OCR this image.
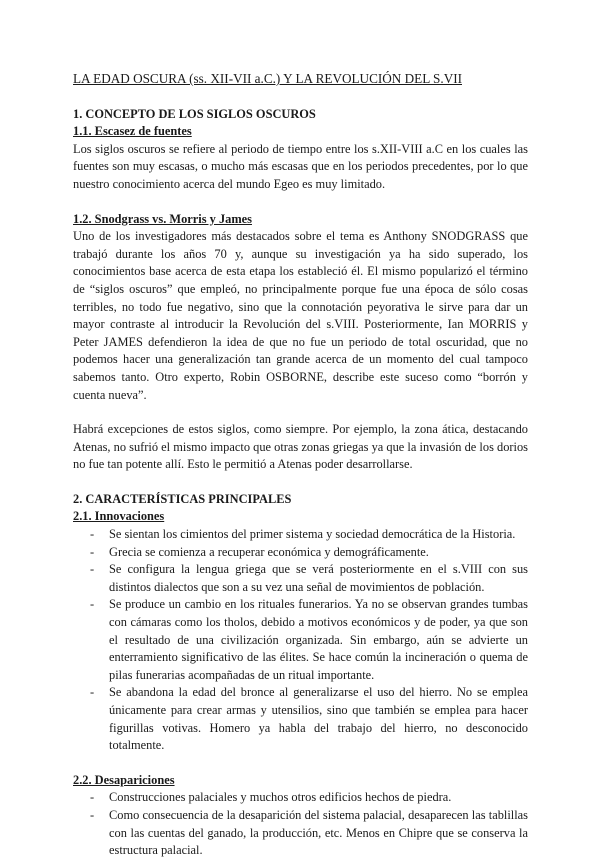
LA EDAD OSCURA (ss. XII-VII a.C.) Y LA REVOLUCIÓN DEL S.VII
1. CONCEPTO DE LOS SIGLOS OSCUROS
1.1. Escasez de fuentes

Los siglos oscuros se refiere al periodo de tiempo entre los s.XII-VIII a.C en los cuales las fuentes son muy escasas, o mucho más escasas que en los periodos precedentes, por lo que nuestro conocimiento acerca del mundo Egeo es muy limitado.

1.2. Snodgrass vs. Morris y James

Uno de los investigadores más destacados sobre el tema es Anthony SNODGRASS que trabajó durante los años 70 y, aunque su investigación ya ha sido superado, los conocimientos base acerca de esta etapa los estableció él. El mismo popularizó el término de “siglos oscuros” que empleó, no principalmente porque fue una época de sólo cosas terribles, no todo fue negativo, sino que la connotación peyorativa le sirve para dar un mayor contraste al introducir la Revolución del s.VIII. Posteriormente, Ian MORRIS y Peter JAMES defendieron la idea de que no fue un periodo de total oscuridad, que no podemos hacer una generalización tan grande acerca de un momento del cual tampoco sabemos tanto. Otro experto, Robin OSBORNE, describe este suceso como “borrón y cuenta nueva”.

Habrá excepciones de estos siglos, como siempre. Por ejemplo, la zona ática, destacando Atenas, no sufrió el mismo impacto que otras zonas griegas ya que la invasión de los dorios no fue tan potente allí. Esto le permitió a Atenas poder desarrollarse.

2. CARACTERÍSTICAS PRINCIPALES
2.1. Innovaciones
- Se sientan los cimientos del primer sistema y sociedad democrática de la Historia.
- Grecia se comienza a recuperar económica y demográficamente.
- Se configura la lengua griega que se verá posteriormente en el s.VIII con sus distintos dialectos que son a su vez una señal de movimientos de población.
- Se produce un cambio en los rituales funerarios. Ya no se observan grandes tumbas con cámaras como los tholos, debido a motivos económicos y de poder, ya que son el resultado de una civilización organizada. Sin embargo, aún se advierte un enterramiento significativo de las élites. Se hace común la incineración o quema de pilas funerarias acompañadas de un ritual importante.
- Se abandona la edad del bronce al generalizarse el uso del hierro. No se emplea únicamente para crear armas y utensilios, sino que también se emplea para hacer figurillas votivas. Homero ya habla del trabajo del hierro, no desconocido totalmente.
2.2. Desapariciones
- Construcciones palaciales y muchos otros edificios hechos de piedra.
- Como consecuencia de la desaparición del sistema palacial, desaparecen las tablillas con las cuentas del ganado, la producción, etc. Menos en Chipre que se conserva la estructura palacial.
